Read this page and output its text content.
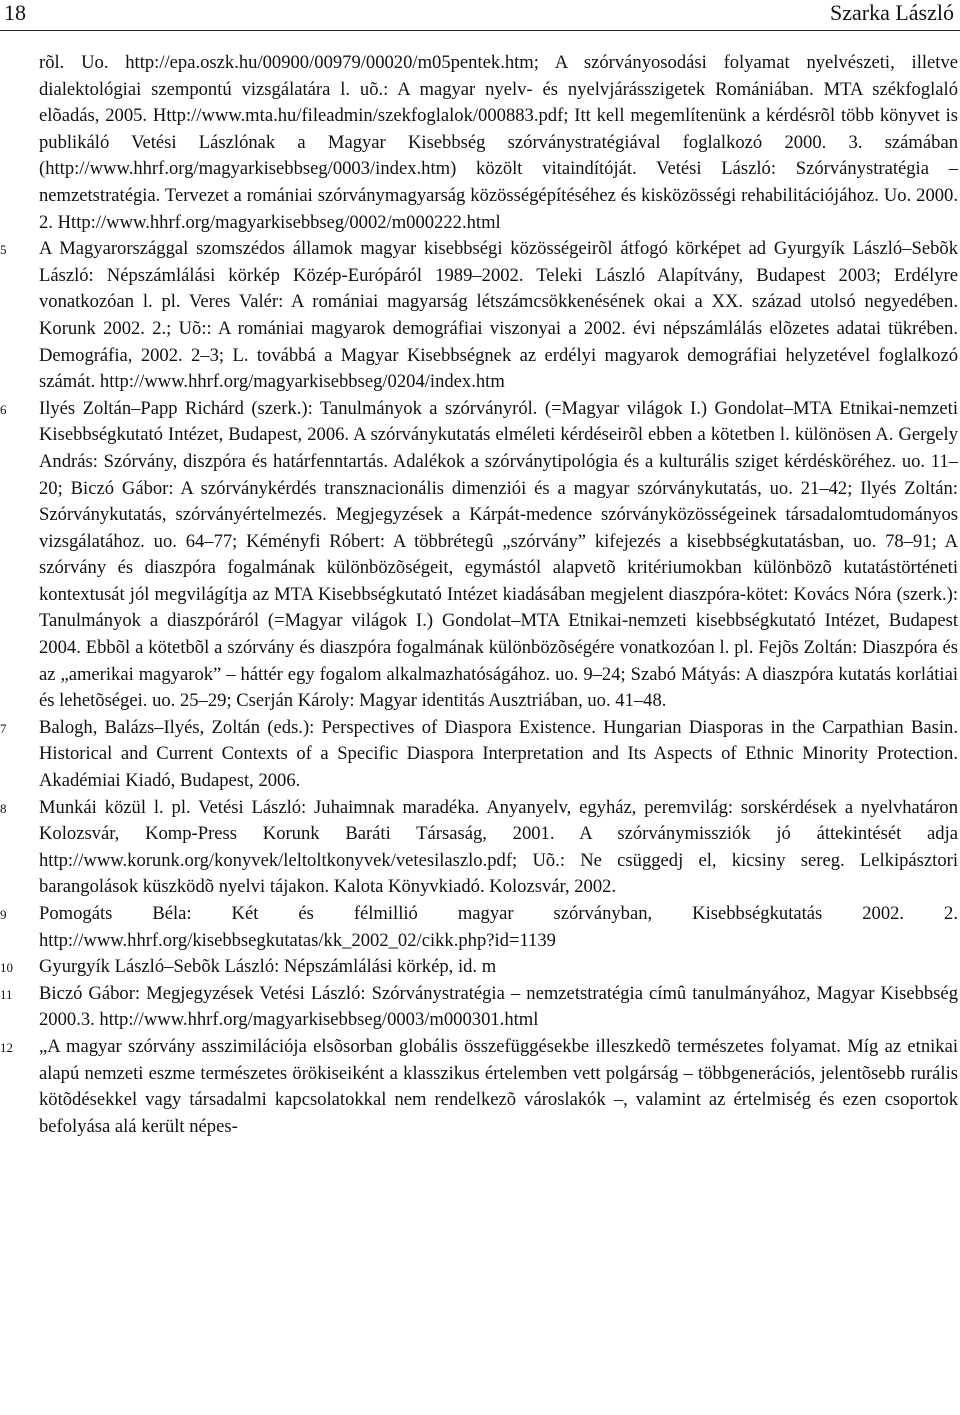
18	Szarka László
rõl. Uo. http://epa.oszk.hu/00900/00979/00020/m05pentek.htm; A szórványosodási folyamat nyelvészeti, illetve dialektológiai szempontú vizsgálatára l. uõ.: A magyar nyelv- és nyelvjárásszigetek Romániában. MTA székfoglaló elõadás, 2005. Http://www.mta.hu/fileadmin/szekfoglalok/000883.pdf; Itt kell megemlítenünk a kérdésrõl több könyvet is publikáló Vetési Lászlónak a Magyar Kisebbség szórványstratégiával foglalkozó 2000. 3. számában (http://www.hhrf.org/magyarkisebbseg/0003/index.htm) közölt vitaindítóját. Vetési László: Szórványstratégia – nemzetstratégia. Tervezet a romániai szórványmagyarság közösségépítéséhez és kisközösségi rehabilitációjához. Uo. 2000. 2. Http://www.hhrf.org/magyarkisebbseg/0002/m000222.html
5	A Magyarországgal szomszédos államok magyar kisebbségi közösségeirõl átfogó körképet ad Gyurgyík László–Sebõk László: Népszámlálási körkép Közép-Európáról 1989–2002. Teleki László Alapítvány, Budapest 2003; Erdélyre vonatkozóan l. pl. Veres Valér: A romániai magyarság létszámcsökkenésének okai a XX. század utolsó negyedében. Korunk 2002. 2.; Uõ:: A romániai magyarok demográfiai viszonyai a 2002. évi népszámlálás elõzetes adatai tükrében. Demográfia, 2002. 2–3; L. továbbá a Magyar Kisebbségnek az erdélyi magyarok demográfiai helyzetével foglalkozó számát. http://www.hhrf.org/magyarkisebbseg/0204/index.htm
6	Ilyés Zoltán–Papp Richárd (szerk.): Tanulmányok a szórványról. (=Magyar világok I.) Gondolat–MTA Etnikai-nemzeti Kisebbségkutató Intézet, Budapest, 2006. A szórványkutatás elméleti kérdéseirõl ebben a kötetben l. különösen A. Gergely András: Szórvány, diszpóra és határfenntartás. Adalékok a szórványtipológia és a kulturális sziget kérdésköréhez. uo. 11–20; Biczó Gábor: A szórványkérdés transznacionális dimenziói és a magyar szórványkutatás, uo. 21–42; Ilyés Zoltán: Szórványkutatás, szórványértelmezés. Megjegyzések a Kárpát-medence szórványközösségeinek társadalomtudományos vizsgálatához. uo. 64–77; Kéményfi Róbert: A többrétegû „szórvány” kifejezés a kisebbségkutatásban, uo. 78–91; A szórvány és diaszpóra fogalmának különbözõségeit, egymástól alapvetõ kritériumokban különbözõ kutatástörténeti kontextusát jól megvilágítja az MTA Kisebbségkutató Intézet kiadásában megjelent diaszpóra-kötet: Kovács Nóra (szerk.): Tanulmányok a diaszpóráról (=Magyar világok I.) Gondolat–MTA Etnikai-nemzeti kisebbségkutató Intézet, Budapest 2004. Ebbõl a kötetbõl a szórvány és diaszpóra fogalmának különbözõségére vonatkozóan l. pl. Fejõs Zoltán: Diaszpóra és az „amerikai magyarok” – háttér egy fogalom alkalmazhatóságához. uo. 9–24; Szabó Mátyás: A diaszpóra kutatás korlátiai és lehetõségei. uo. 25–29; Cserján Károly: Magyar identitás Ausztriában, uo. 41–48.
7	Balogh, Balázs–Ilyés, Zoltán (eds.): Perspectives of Diaspora Existence. Hungarian Diasporas in the Carpathian Basin. Historical and Current Contexts of a Specific Diaspora Interpretation and Its Aspects of Ethnic Minority Protection. Akadémiai Kiadó, Budapest, 2006.
8	Munkái közül l. pl. Vetési László: Juhaimnak maradéka. Anyanyelv, egyház, peremvilág: sorskérdések a nyelvhatáron Kolozsvár, Komp-Press Korunk Baráti Társaság, 2001. A szórványmissziók jó áttekintését adja http://www.korunk.org/konyvek/leltoltkonyvek/vetesilaszlo.pdf; Uõ.: Ne csüggedj el, kicsiny sereg. Lelkipásztori barangolások küszködõ nyelvi tájakon. Kalota Könyvkiadó. Kolozsvár, 2002.
9	Pomogáts Béla: Két és félmillió magyar szórványban, Kisebbségkutatás 2002. 2. http://www.hhrf.org/kisebbsegkutatas/kk_2002_02/cikk.php?id=1139
10	Gyurgyík László–Sebõk László: Népszámlálási körkép, id. m
11	Biczó Gábor: Megjegyzések Vetési László: Szórványstratégia – nemzetstratégia címû tanulmányához, Magyar Kisebbség 2000.3. http://www.hhrf.org/magyarkisebbseg/0003/m000301.html
12	„A magyar szórvány asszimilációja elsõsorban globális összefüggésekbe illeszkedõ természetes folyamat. Míg az etnikai alapú nemzeti eszme természetes örökiseiként a klasszikus értelemben vett polgárság – többgenerációs, jelentõsebb rurális kötõdésekkel vagy társadalmi kapcsolatokkal nem rendelkezõ városlakók –, valamint az értelmiség és ezen csoportok befolyása alá került népes-
